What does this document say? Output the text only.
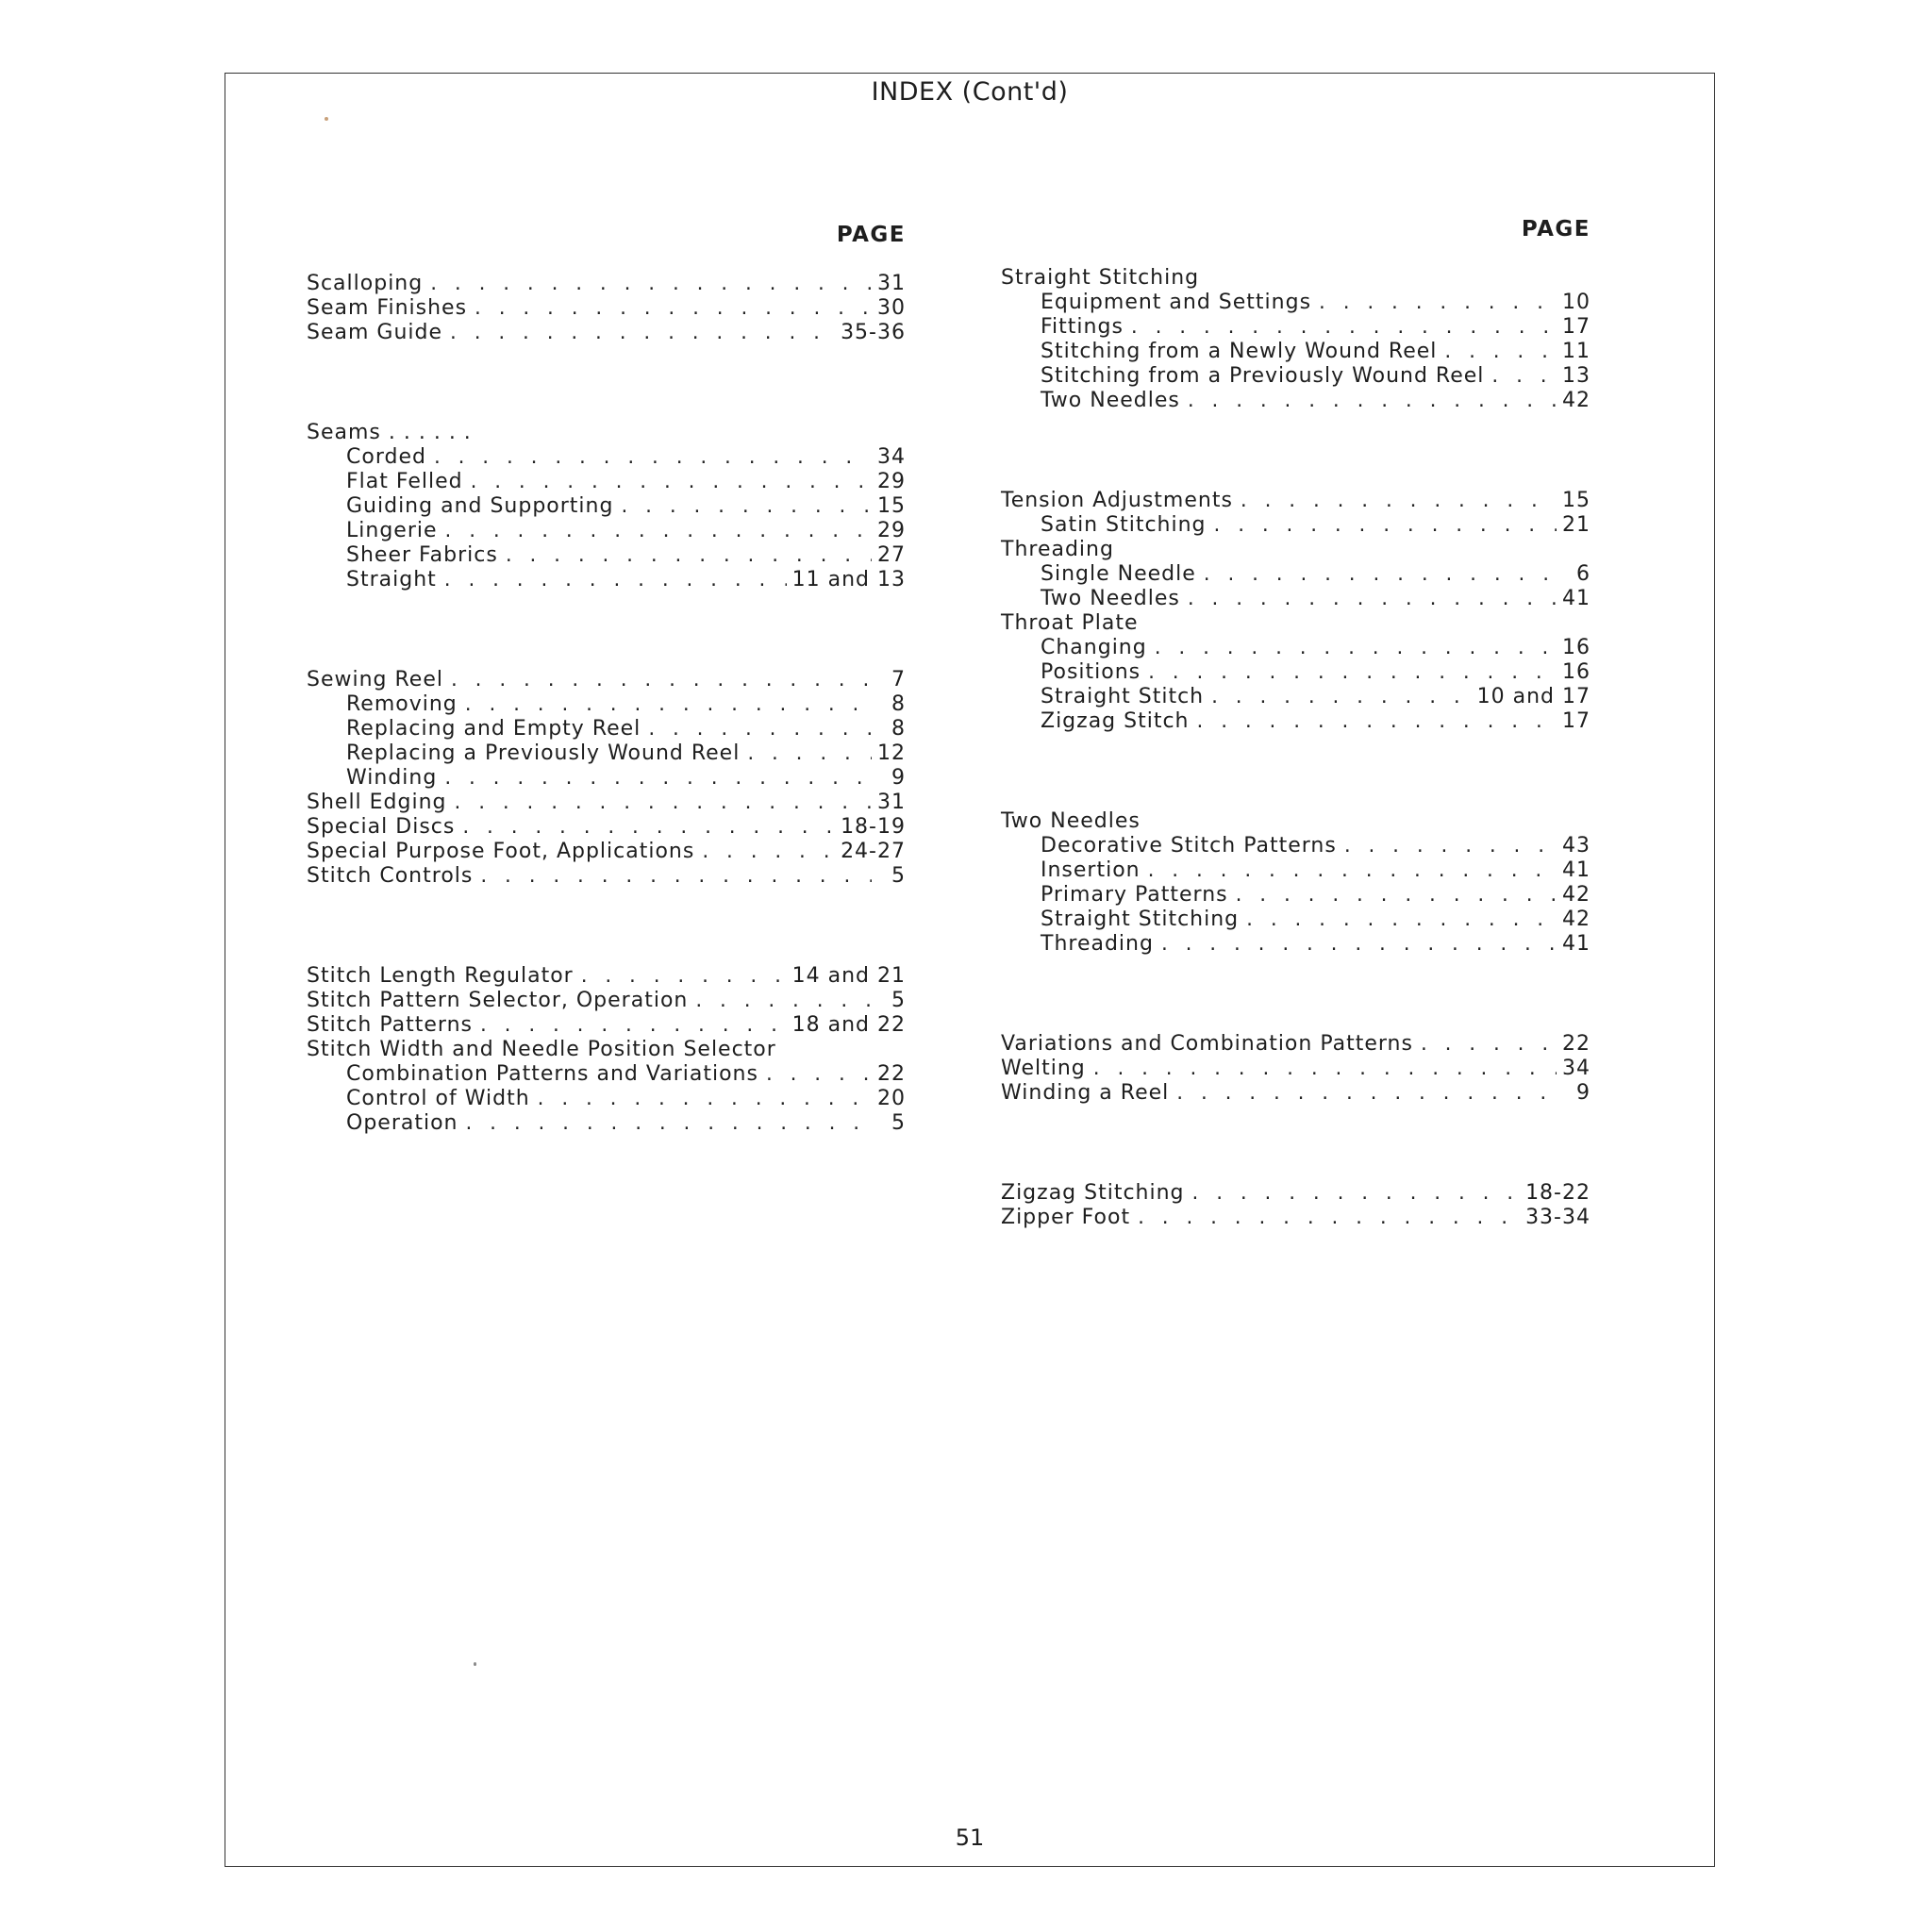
INDEX (Cont'd)
PAGE
Scalloping . . .	31
Seam Finishes . . .	30
Seam Guide . . .	35-36
Seams . . . . . .
Corded . . .	34
Flat Felled . . .	29
Guiding and Supporting . . .	15
Lingerie . . .	29
Sheer Fabrics . . .	27
Straight . . .	11 and 13
Sewing Reel . . .	7
Removing . . .	8
Replacing and Empty Reel . . .	8
Replacing a Previously Wound Reel . . .	12
Winding . . .	9
Shell Edging . . .	31
Special Discs . . .	18-19
Special Purpose Foot, Applications . . .	24-27
Stitch Controls . . .	5
Stitch Length Regulator . . .	14 and 21
Stitch Pattern Selector, Operation . . .	5
Stitch Patterns . . .	18 and 22
Stitch Width and Needle Position Selector
Combination Patterns and Variations . . .	22
Control of Width . . .	20
Operation . . .	5
PAGE
Straight Stitching
Equipment and Settings . . .	10
Fittings . . .	17
Stitching from a Newly Wound Reel . . .	11
Stitching from a Previously Wound Reel . . .	13
Two Needles . . .	42
Tension Adjustments . . .	15
Satin Stitching . . .	21
Threading
Single Needle . . .	6
Two Needles . . .	41
Throat Plate
Changing . . .	16
Positions . . .	16
Straight Stitch . . .	10 and 17
Zigzag Stitch . . .	17
Two Needles
Decorative Stitch Patterns . . .	43
Insertion . . .	41
Primary Patterns . . .	42
Straight Stitching . . .	42
Threading . . .	41
Variations and Combination Patterns . . .	22
Welting . . .	34
Winding a Reel . . .	9
Zigzag Stitching . . .	18-22
Zipper Foot . . .	33-34
51
